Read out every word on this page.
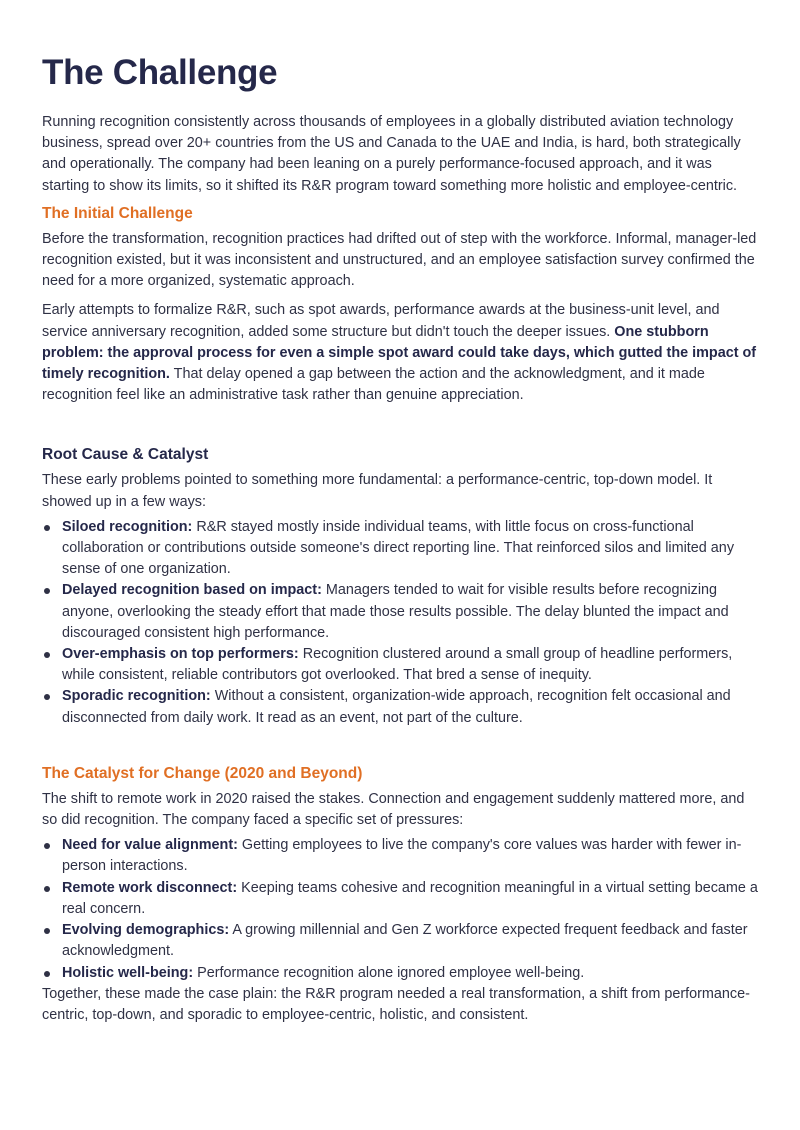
The Challenge

Running recognition consistently across thousands of employees in a globally distributed aviation technology business, spread over 20+ countries from the US and Canada to the UAE and India, is hard, both strategically and operationally. The company had been leaning on a purely performance-focused approach, and it was starting to show its limits, so it shifted its R&R program toward something more holistic and employee-centric.

The Initial Challenge

Before the transformation, recognition practices had drifted out of step with the workforce. Informal, manager-led recognition existed, but it was inconsistent and unstructured, and an employee satisfaction survey confirmed the need for a more organized, systematic approach.

Early attempts to formalize R&R, such as spot awards, performance awards at the business-unit level, and service anniversary recognition, added some structure but didn't touch the deeper issues. One stubborn problem: the approval process for even a simple spot award could take days, which gutted the impact of timely recognition. That delay opened a gap between the action and the acknowledgment, and it made recognition feel like an administrative task rather than genuine appreciation.

Root Cause & Catalyst

These early problems pointed to something more fundamental: a performance-centric, top-down model. It showed up in a few ways:

Siloed recognition: R&R stayed mostly inside individual teams, with little focus on cross-functional collaboration or contributions outside someone's direct reporting line. That reinforced silos and limited any sense of one organization.
Delayed recognition based on impact: Managers tended to wait for visible results before recognizing anyone, overlooking the steady effort that made those results possible. The delay blunted the impact and discouraged consistent high performance.
Over-emphasis on top performers: Recognition clustered around a small group of headline performers, while consistent, reliable contributors got overlooked. That bred a sense of inequity.
Sporadic recognition: Without a consistent, organization-wide approach, recognition felt occasional and disconnected from daily work. It read as an event, not part of the culture.
The Catalyst for Change (2020 and Beyond)

The shift to remote work in 2020 raised the stakes. Connection and engagement suddenly mattered more, and so did recognition. The company faced a specific set of pressures:

Need for value alignment: Getting employees to live the company's core values was harder with fewer in-person interactions.
Remote work disconnect: Keeping teams cohesive and recognition meaningful in a virtual setting became a real concern.
Evolving demographics: A growing millennial and Gen Z workforce expected frequent feedback and faster acknowledgment.
Holistic well-being: Performance recognition alone ignored employee well-being.

Together, these made the case plain: the R&R program needed a real transformation, a shift from performance-centric, top-down, and sporadic to employee-centric, holistic, and consistent.
